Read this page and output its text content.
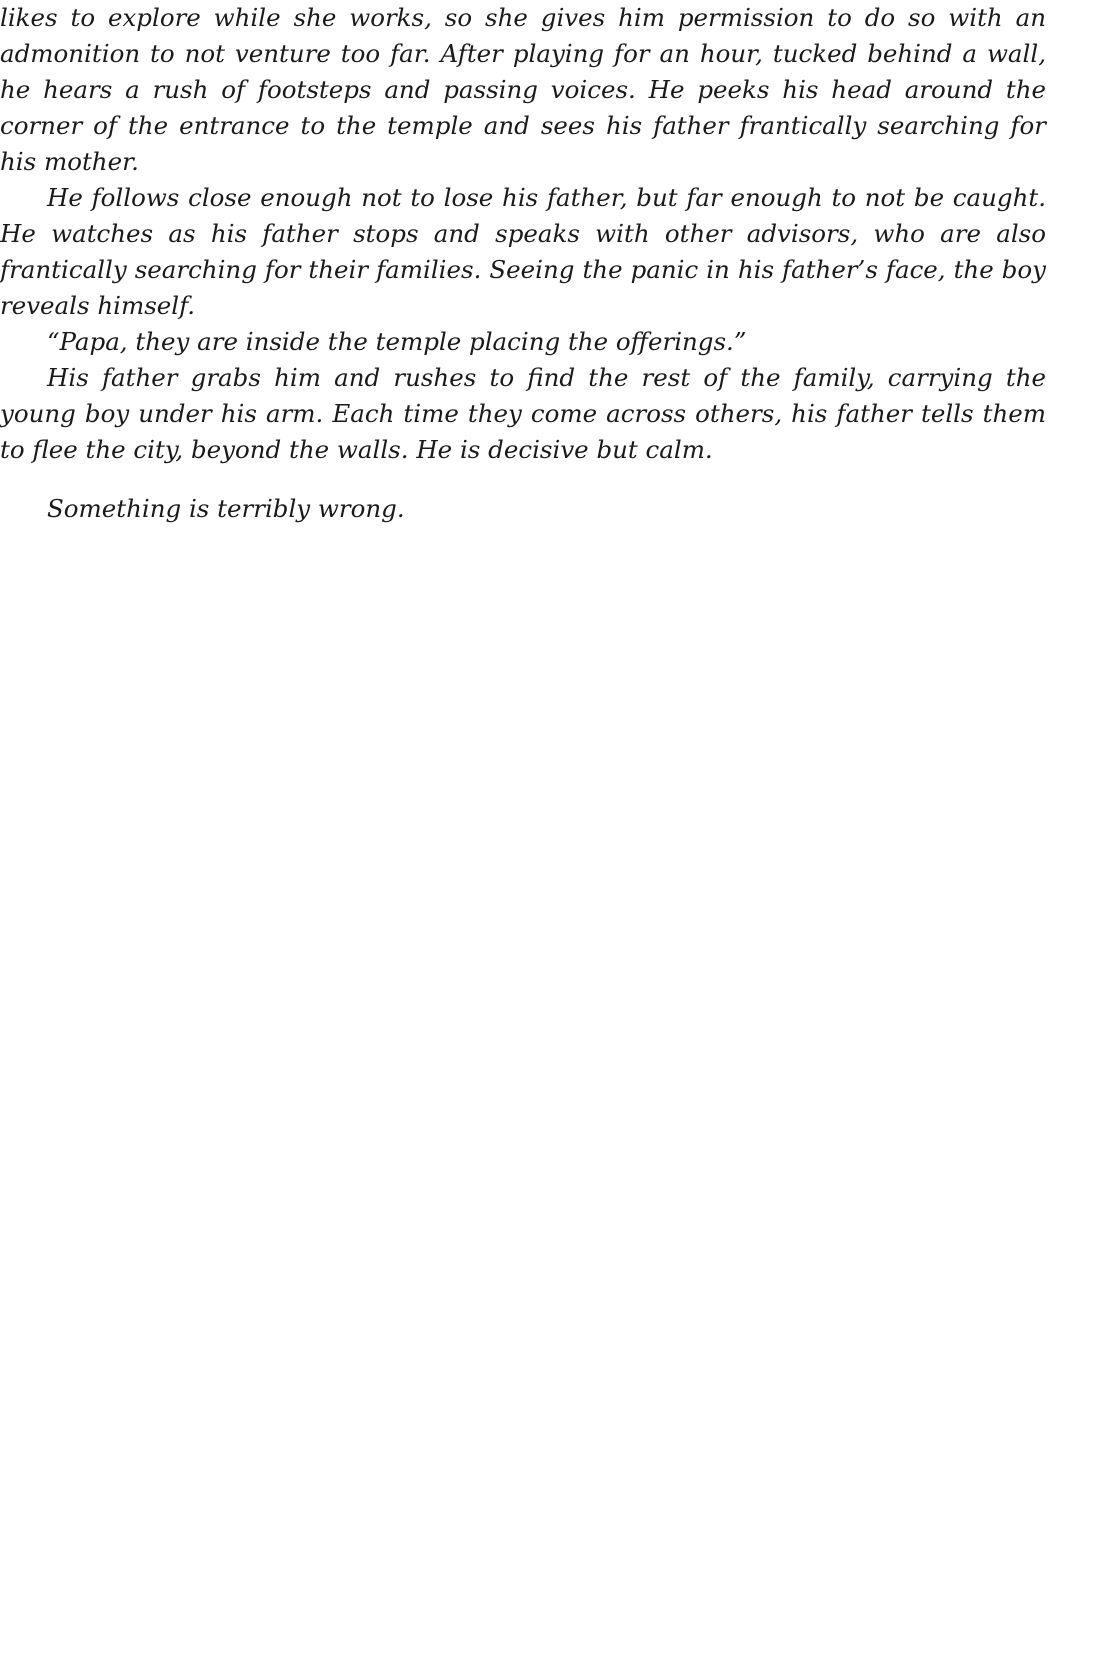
likes to explore while she works, so she gives him permission to do so with an admonition to not venture too far. After playing for an hour, tucked behind a wall, he hears a rush of footsteps and passing voices. He peeks his head around the corner of the entrance to the temple and sees his father frantically searching for his mother.

He follows close enough not to lose his father, but far enough to not be caught. He watches as his father stops and speaks with other advisors, who are also frantically searching for their families. Seeing the panic in his father’s face, the boy reveals himself.

“Papa, they are inside the temple placing the offerings.”

His father grabs him and rushes to find the rest of the family, carrying the young boy under his arm. Each time they come across others, his father tells them to flee the city, beyond the walls. He is decisive but calm.

Something is terribly wrong.
